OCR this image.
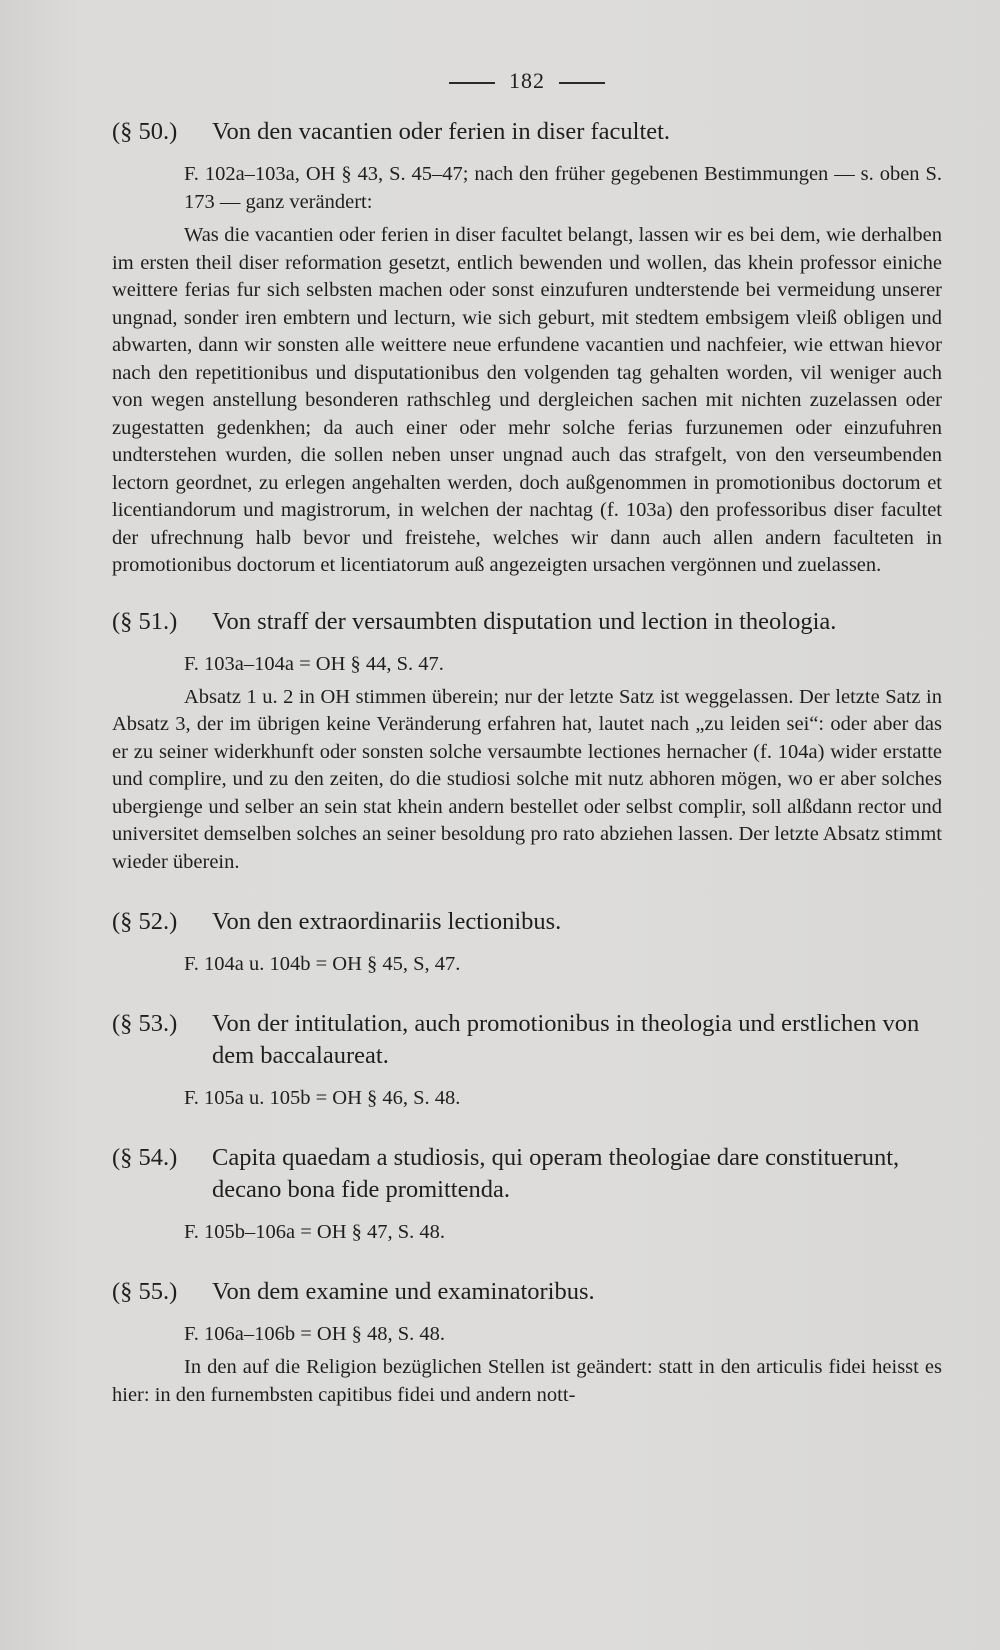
182
(§ 50.)	Von den vacantien oder ferien in diser facultet.

F. 102a–103a, OH § 43, S. 45–47; nach den früher gegebenen Bestimmungen — s. oben S. 173 — ganz verändert:

Was die vacantien oder ferien in diser facultet belangt, lassen wir es bei dem, wie derhalben im ersten theil diser reformation gesetzt, entlich bewenden und wollen, das khein professor einiche weittere ferias fur sich selbsten machen oder sonst einzufuren undterstende bei vermeidung unserer ungnad, sonder iren embtern und lecturn, wie sich geburt, mit stedtem embsigem vleiß obligen und abwarten, dann wir sonsten alle weittere neue erfundene vacantien und nachfeier, wie ettwan hievor nach den repetitionibus und disputationibus den volgenden tag gehalten worden, vil weniger auch von wegen anstellung besonderen rathschleg und dergleichen sachen mit nichten zuzelassen oder zugestatten gedenkhen; da auch einer oder mehr solche ferias furzunemen oder einzufuhren undterstehen wurden, die sollen neben unser ungnad auch das strafgelt, von den verseumbenden lectorn geordnet, zu erlegen angehalten werden, doch außgenommen in promotionibus doctorum et licentiandorum und magistrorum, in welchen der nachtag (f. 103a) den professoribus diser facultet der ufrechnung halb bevor und freistehe, welches wir dann auch allen andern faculteten in promotionibus doctorum et licentiatorum auß angezeigten ursachen vergönnen und zuelassen.

(§ 51.)	Von straff der versaumbten disputation und lection in theologia.

F. 103a–104a = OH § 44, S. 47.

Absatz 1 u. 2 in OH stimmen überein; nur der letzte Satz ist weggelassen. Der letzte Satz in Absatz 3, der im übrigen keine Veränderung erfahren hat, lautet nach „zu leiden sei“: oder aber das er zu seiner widerkhunft oder sonsten solche versaumbte lectiones hernacher (f. 104a) wider erstatte und complire, und zu den zeiten, do die studiosi solche mit nutz abhoren mögen, wo er aber solches ubergienge und selber an sein stat khein andern bestellet oder selbst complir, soll alßdann rector und universitet demselben solches an seiner besoldung pro rato abziehen lassen. Der letzte Absatz stimmt wieder überein.

(§ 52.)	Von den extraordinariis lectionibus.

F. 104a u. 104b = OH § 45, S, 47.

(§ 53.)	Von der intitulation, auch promotionibus in theologia und erstlichen von dem baccalaureat.

F. 105a u. 105b = OH § 46, S. 48.

(§ 54.)	Capita quaedam a studiosis, qui operam theologiae dare constituerunt, decano bona fide promittenda.

F. 105b–106a = OH § 47, S. 48.

(§ 55.)	Von dem examine und examinatoribus.

F. 106a–106b = OH § 48, S. 48.

In den auf die Religion bezüglichen Stellen ist geändert: statt in den articulis fidei heisst es hier: in den furnembsten capitibus fidei und andern nott-
